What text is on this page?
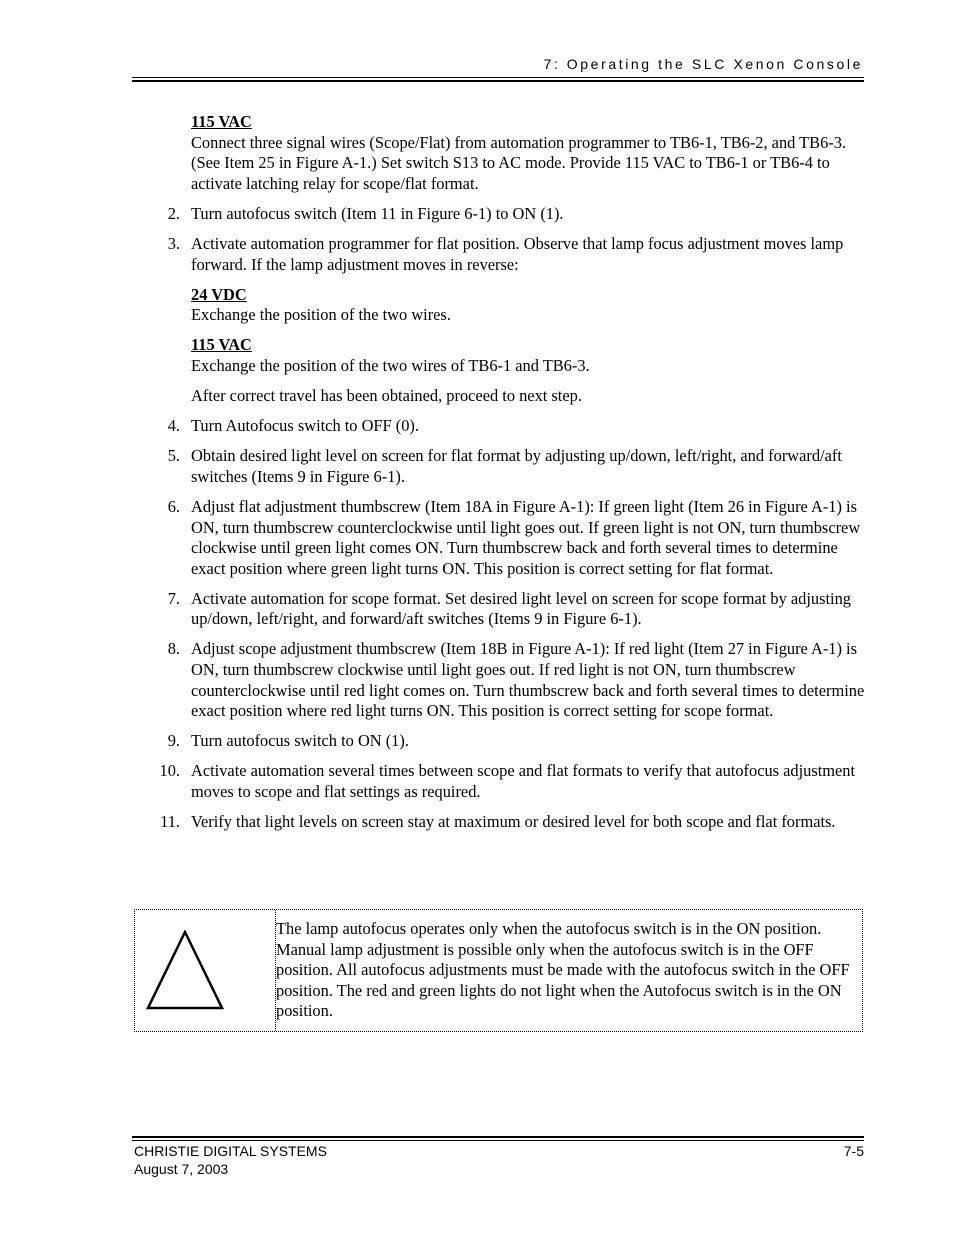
7: Operating the SLC Xenon Console
115 VAC
Connect three signal wires (Scope/Flat) from automation programmer to TB6-1, TB6-2, and TB6-3. (See Item 25 in Figure A-1.) Set switch S13 to AC mode. Provide 115 VAC to TB6-1 or TB6-4 to activate latching relay for scope/flat format.
2. Turn autofocus switch (Item 11 in Figure 6-1) to ON (1).
3. Activate automation programmer for flat position. Observe that lamp focus adjustment moves lamp forward. If the lamp adjustment moves in reverse:
24 VDC
Exchange the position of the two wires.
115 VAC
Exchange the position of the two wires of TB6-1 and TB6-3.
After correct travel has been obtained, proceed to next step.
4. Turn Autofocus switch to OFF (0).
5. Obtain desired light level on screen for flat format by adjusting up/down, left/right, and forward/aft switches (Items 9 in Figure 6-1).
6. Adjust flat adjustment thumbscrew (Item 18A in Figure A-1): If green light (Item 26 in Figure A-1) is ON, turn thumbscrew counterclockwise until light goes out. If green light is not ON, turn thumbscrew clockwise until green light comes ON. Turn thumbscrew back and forth several times to determine exact position where green light turns ON. This position is correct setting for flat format.
7. Activate automation for scope format. Set desired light level on screen for scope format by adjusting up/down, left/right, and forward/aft switches (Items 9 in Figure 6-1).
8. Adjust scope adjustment thumbscrew (Item 18B in Figure A-1): If red light (Item 27 in Figure A-1) is ON, turn thumbscrew clockwise until light goes out. If red light is not ON, turn thumbscrew counterclockwise until red light comes on. Turn thumbscrew back and forth several times to determine exact position where red light turns ON. This position is correct setting for scope format.
9. Turn autofocus switch to ON (1).
10. Activate automation several times between scope and flat formats to verify that autofocus adjustment moves to scope and flat settings as required.
11. Verify that light levels on screen stay at maximum or desired level for both scope and flat formats.
The lamp autofocus operates only when the autofocus switch is in the ON position. Manual lamp adjustment is possible only when the autofocus switch is in the OFF position. All autofocus adjustments must be made with the autofocus switch in the OFF position. The red and green lights do not light when the Autofocus switch is in the ON position.
CHRISTIE DIGITAL SYSTEMS
August 7, 2003
7-5
